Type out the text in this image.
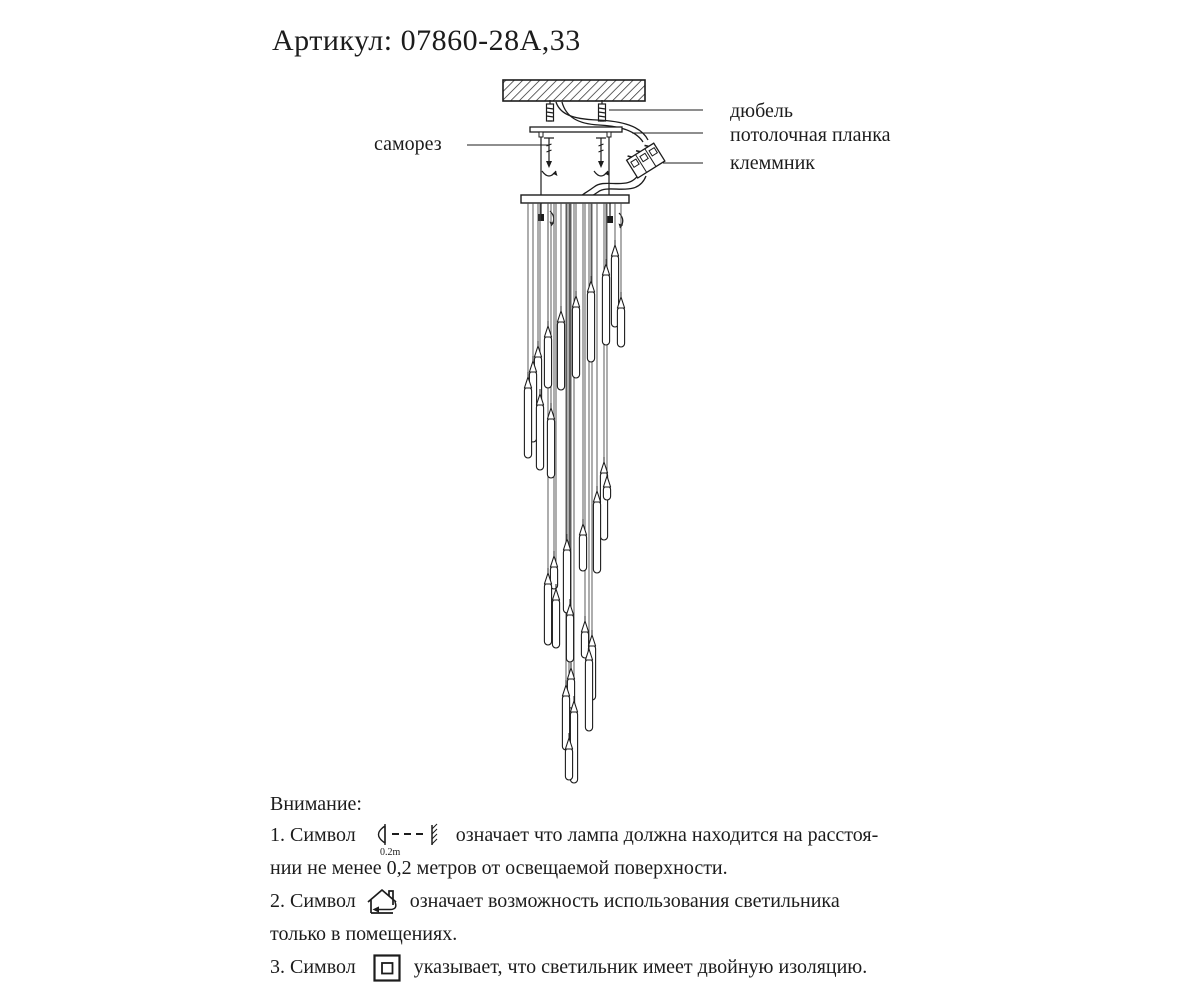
Артикул: 07860-28А,33
саморез
дюбель
потолочная планка
клеммник
Внимание:
1. Символ
0.2m
означает что лампа должна находится на расстоя-
нии не менее 0,2 метров от освещаемой поверхности.
2. Символ	означает возможность использования светильника
только в помещениях.
3. Символ	указывает, что светильник имеет двойную изоляцию.
